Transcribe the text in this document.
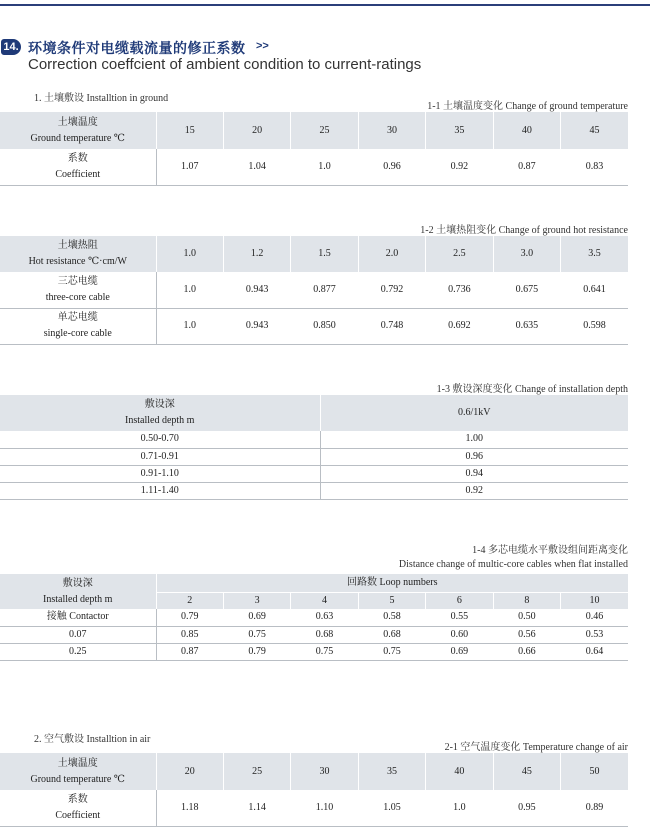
14. 环境条件对电缆载流量的修正系数 >>
Correction coeffcient of ambient condition to current-ratings
1. 土壤敷设 Installtion in ground
1-1 土壤温度变化 Change of ground temperature
土壤温度
Ground temperature ℃	15	20	25	30	35	40	45
系数
Coefficient	1.07	1.04	1.0	0.96	0.92	0.87	0.83
1-2 土壤热阻变化 Change of ground hot resistance
土壤热阻
Hot resistance ℃·cm/W	1.0	1.2	1.5	2.0	2.5	3.0	3.5
三芯电缆
three-core cable	1.0	0.943	0.877	0.792	0.736	0.675	0.641
单芯电缆
single-core cable	1.0	0.943	0.850	0.748	0.692	0.635	0.598
1-3 敷设深度变化 Change of installation depth
敷设深
Installed depth m	0.6/1kV
0.50-0.70	1.00
0.71-0.91	0.96
0.91-1.10	0.94
1.11-1.40	0.92
1-4 多芯电缆水平敷设组间距离变化
Distance change of multic-core cables when flat installed
敷设深
Installed depth m	回路数 Loop numbers						
	2	3	4	5	6	8	10
接触 Contactor	0.79	0.69	0.63	0.58	0.55	0.50	0.46
0.07	0.85	0.75	0.68	0.68	0.60	0.56	0.53
0.25	0.87	0.79	0.75	0.75	0.69	0.66	0.64
2. 空气敷设 Installtion in air
2-1 空气温度变化 Temperature change of air
土壤温度
Ground temperature ℃	20	25	30	35	40	45	50
系数
Coefficient	1.18	1.14	1.10	1.05	1.0	0.95	0.89
